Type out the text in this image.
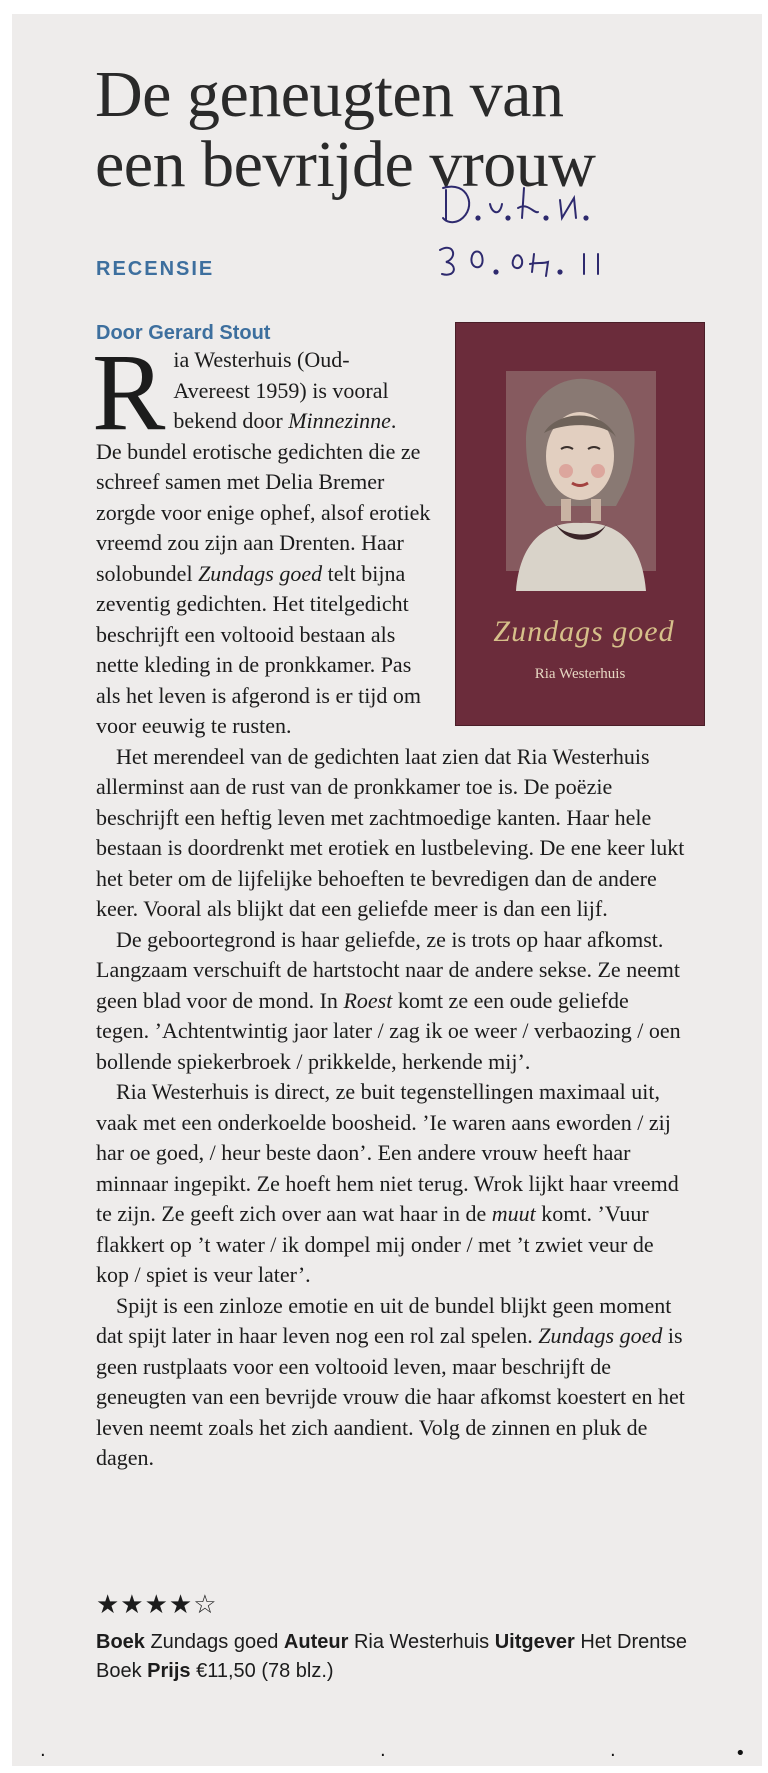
De geneugten van
een bevrijde vrouw
RECENSIE
Door Gerard Stout
Zundags goed
Ria Westerhuis
R ia Westerhuis (Oud-
Avereest 1959) is vooral
bekend door Minnezinne.
De bundel erotische gedichten die ze schreef samen met Delia Bremer zorgde voor enige ophef, alsof erotiek vreemd zou zijn aan Drenten. Haar solobundel Zundags goed telt bijna zeventig gedichten. Het titelgedicht beschrijft een voltooid bestaan als nette kleding in de pronkkamer. Pas als het leven is afgerond is er tijd om voor eeuwig te rusten.

Het merendeel van de gedichten laat zien dat Ria Westerhuis allerminst aan de rust van de pronkkamer toe is. De poëzie beschrijft een heftig leven met zachtmoedige kanten. Haar hele bestaan is doordrenkt met erotiek en lustbeleving. De ene keer lukt het beter om de lijfelijke behoeften te bevredigen dan de andere keer. Vooral als blijkt dat een geliefde meer is dan een lijf.

De geboortegrond is haar geliefde, ze is trots op haar afkomst. Langzaam verschuift de hartstocht naar de andere sekse. Ze neemt geen blad voor de mond. In Roest komt ze een oude geliefde tegen. ’Achtentwintig jaor later / zag ik oe weer / verbaozing / oen bollende spiekerbroek / prikkelde, herkende mij’.

Ria Westerhuis is direct, ze buit tegenstellingen maximaal uit, vaak met een onderkoelde boosheid. ’Ie waren aans eworden / zij har oe goed, / heur beste daon’. Een andere vrouw heeft haar minnaar ingepikt. Ze hoeft hem niet terug. Wrok lijkt haar vreemd te zijn. Ze geeft zich over aan wat haar in de muut komt. ’Vuur flakkert op ’t water / ik dompel mij onder / met ’t zwiet veur de kop / spiet is veur later’.

Spijt is een zinloze emotie en uit de bundel blijkt geen moment dat spijt later in haar leven nog een rol zal spelen. Zundags goed is geen rustplaats voor een voltooid leven, maar beschrijft de geneugten van een bevrijde vrouw die haar afkomst koestert en het leven neemt zoals het zich aandient. Volg de zinnen en pluk de dagen.

★★★★☆

Boek Zundags goed Auteur Ria Westerhuis Uitgever Het Drentse Boek Prijs €11,50 (78 blz.)

·	·	·	•
